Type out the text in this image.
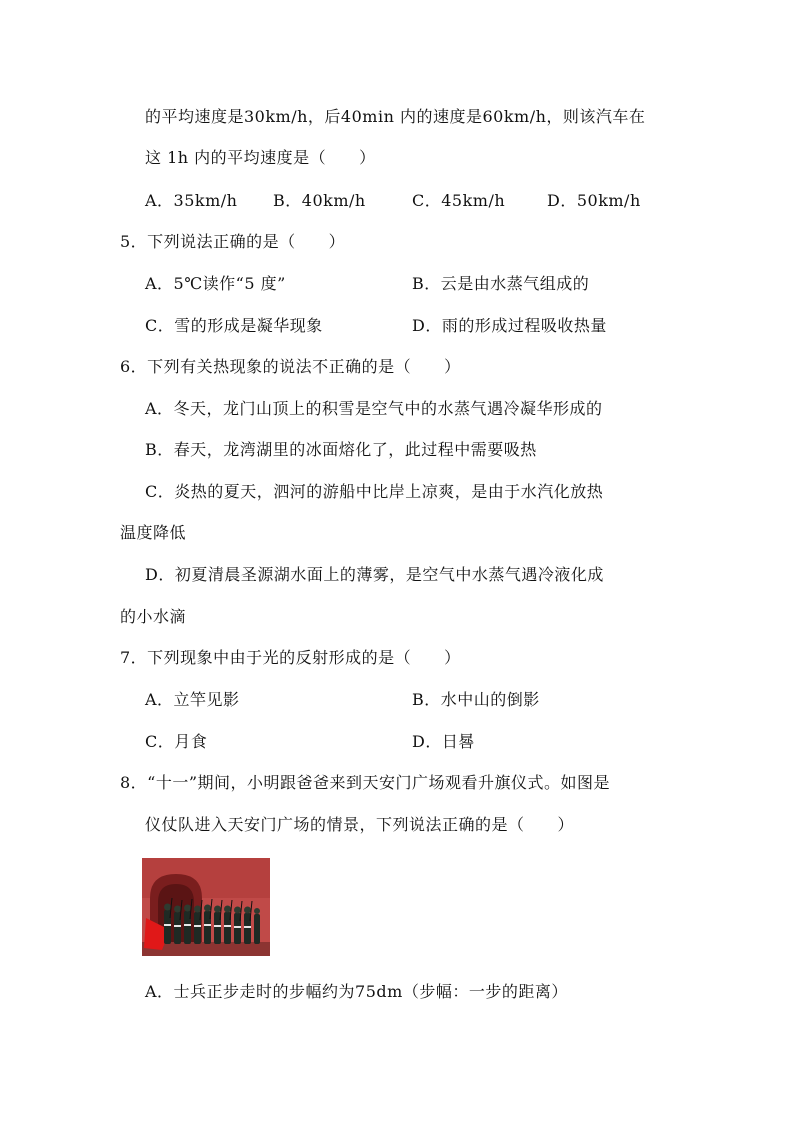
的平均速度是30km/h，后40min 内的速度是60km/h，则该汽车在
这 1h 内的平均速度是（　　）
A．35km/h B．40km/h	C．45km/h	D．50km/h
5．下列说法正确的是（　　）
A．5℃读作“5 度”	B．云是由水蒸气组成的
C．雪的形成是凝华现象	D．雨的形成过程吸收热量
6．下列有关热现象的说法不正确的是（　　）
A．冬天，龙门山顶上的积雪是空气中的水蒸气遇冷凝华形成的
B．春天，龙湾湖里的冰面熔化了，此过程中需要吸热
C．炎热的夏天，泗河的游船中比岸上凉爽，是由于水汽化放热
温度降低
D．初夏清晨圣源湖水面上的薄雾，是空气中水蒸气遇冷液化成
的小水滴
7．下列现象中由于光的反射形成的是（　　）
A．立竿见影	B．水中山的倒影
C．月食	D．日晷
8．“十一”期间，小明跟爸爸来到天安门广场观看升旗仪式。如图是
仪仗队进入天安门广场的情景，下列说法正确的是（　　）
A．士兵正步走时的步幅约为75dm（步幅：一步的距离）
